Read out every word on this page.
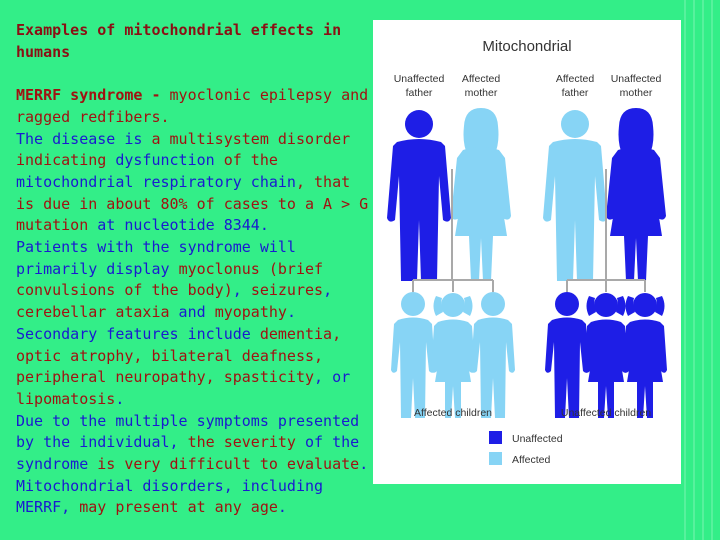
Examples of mitochondrial effects in humans

MERRF syndrome - myoclonic epilepsy and ragged redfibers.

The disease is a multisystem disorder indicating dysfunction of the mitochondrial respiratory chain, that is due in about 80% of cases to a A > G mutation at nucleotide 8344.

Patients with the syndrome will primarily display myoclonus (brief convulsions of the body), seizures, cerebellar ataxia and myopathy.

Secondary features include dementia, optic atrophy, bilateral deafness, peripheral neuropathy, spasticity, or lipomatosis.

Due to the multiple symptoms presented by the individual, the severity of the syndrome is very difficult to evaluate.

Mitochondrial disorders, including MERRF, may present at any age.

Mitochondrial
Unaffected father
Affected mother
Affected father
Unaffected mother
Affected children	Unaffected children
Unaffected
Affected
